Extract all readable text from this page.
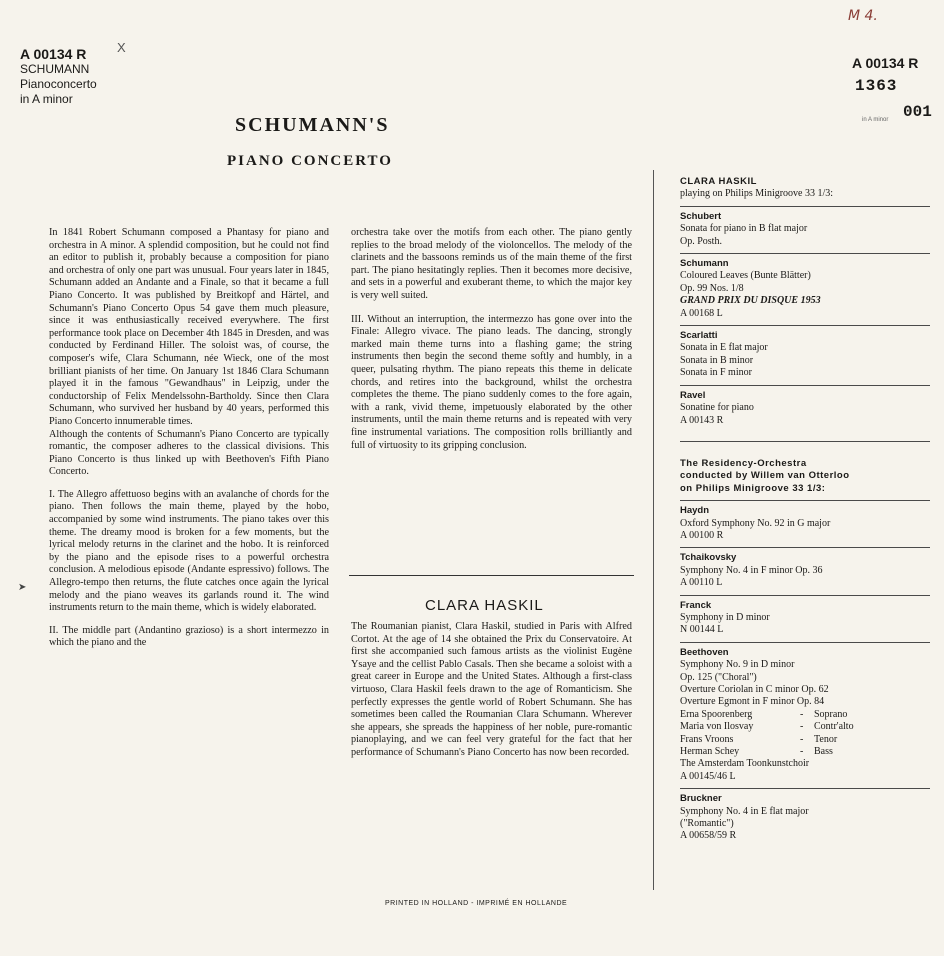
A 00134 R
SCHUMANN
Pianoconcerto
in A minor
X
M 4.
A 00134 R
1363
001
in A minor
SCHUMANN'S
PIANO CONCERTO

In 1841 Robert Schumann composed a Phantasy for piano and orchestra in A minor. A splendid composition, but he could not find an editor to publish it, probably because a composition for piano and orchestra of only one part was unusual. Four years later in 1845, Schumann added an Andante and a Finale, so that it became a full Piano Concerto. It was published by Breitkopf and Härtel, and Schumann's Piano Concerto Opus 54 gave them much pleasure, since it was enthusiastically received everywhere. The first performance took place on December 4th 1845 in Dresden, and was conducted by Ferdinand Hiller. The soloist was, of course, the composer's wife, Clara Schumann, née Wieck, one of the most brilliant pianists of her time. On January 1st 1846 Clara Schumann played it in the famous "Gewandhaus" in Leipzig, under the conductorship of Felix Mendelssohn-Bartholdy. Since then Clara Schumann, who survived her husband by 40 years, performed this Piano Concerto innumerable times.

Although the contents of Schumann's Piano Concerto are typically romantic, the composer adheres to the classical divisions. This Piano Concerto is thus linked up with Beethoven's Fifth Piano Concerto.

I. The Allegro affettuoso begins with an avalanche of chords for the piano. Then follows the main theme, played by the hobo, accompanied by some wind instruments. The piano takes over this theme. The dreamy mood is broken for a few moments, but the lyrical melody returns in the clarinet and the hobo. It is reinforced by the piano and the episode rises to a powerful orchestra conclusion. A melodious episode (Andante espressivo) follows. The Allegro-tempo then returns, the flute catches once again the lyrical melody and the piano weaves its garlands round it. The wind instruments return to the main theme, which is widely elaborated.

II. The middle part (Andantino grazioso) is a short intermezzo in which the piano and the

➤

orchestra take over the motifs from each other. The piano gently replies to the broad melody of the violoncellos. The melody of the clarinets and the bassoons reminds us of the main theme of the first part. The piano hesitatingly replies. Then it becomes more decisive, and sets in a powerful and exuberant theme, to which the major key is very well suited.

III. Without an interruption, the intermezzo has gone over into the Finale: Allegro vivace. The piano leads. The dancing, strongly marked main theme turns into a flashing game; the string instruments then begin the second theme softly and humbly, in a queer, pulsating rhythm. The piano repeats this theme in delicate chords, and retires into the background, whilst the orchestra completes the theme. The piano suddenly comes to the fore again, with a rank, vivid theme, impetuously elaborated by the other instruments, until the main theme returns and is repeated with very fine instrumental variations. The composition rolls brilliantly and full of virtuosity to its gripping conclusion.

CLARA HASKIL

The Roumanian pianist, Clara Haskil, studied in Paris with Alfred Cortot. At the age of 14 she obtained the Prix du Conservatoire. At first she accompanied such famous artists as the violinist Eugène Ysaye and the cellist Pablo Casals. Then she became a soloist with a great career in Europe and the United States. Although a first-class virtuoso, Clara Haskil feels drawn to the age of Romanticism. She perfectly expresses the gentle world of Robert Schumann. She has sometimes been called the Roumanian Clara Schumann. Wherever she appears, she spreads the happiness of her noble, pure-romantic pianoplaying, and we can feel very grateful for the fact that her performance of Schumann's Piano Concerto has now been recorded.

CLARA HASKIL
playing on Philips Minigroove 33 1/3:
Schubert
Sonata for piano in B flat major
Op. Posth.
Schumann
Coloured Leaves (Bunte Blätter)
Op. 99 Nos. 1/8
GRAND PRIX DU DISQUE 1953
A 00168 L
Scarlatti
Sonata in E flat major
Sonata in B minor
Sonata in F minor
Ravel
Sonatine for piano
A 00143 R
The Residency-Orchestra
conducted by Willem van Otterloo
on Philips Minigroove 33 1/3:
Haydn
Oxford Symphony No. 92 in G major
A 00100 R
Tchaikovsky
Symphony No. 4 in F minor Op. 36
A 00110 L
Franck
Symphony in D minor
N 00144 L
Beethoven
Symphony No. 9 in D minor
Op. 125 ("Choral")
Overture Coriolan in C minor Op. 62
Overture Egmont in F minor Op. 84
Erna Spoorenberg	-	Soprano
Maria von Ilosvay	-	Contr'alto
Frans Vroons	-	Tenor
Herman Schey	-	Bass
The Amsterdam Toonkunstchoir
A 00145/46 L
Bruckner
Symphony No. 4 in E flat major
("Romantic")
A 00658/59 R
PRINTED IN HOLLAND - IMPRIMÉ EN HOLLANDE
